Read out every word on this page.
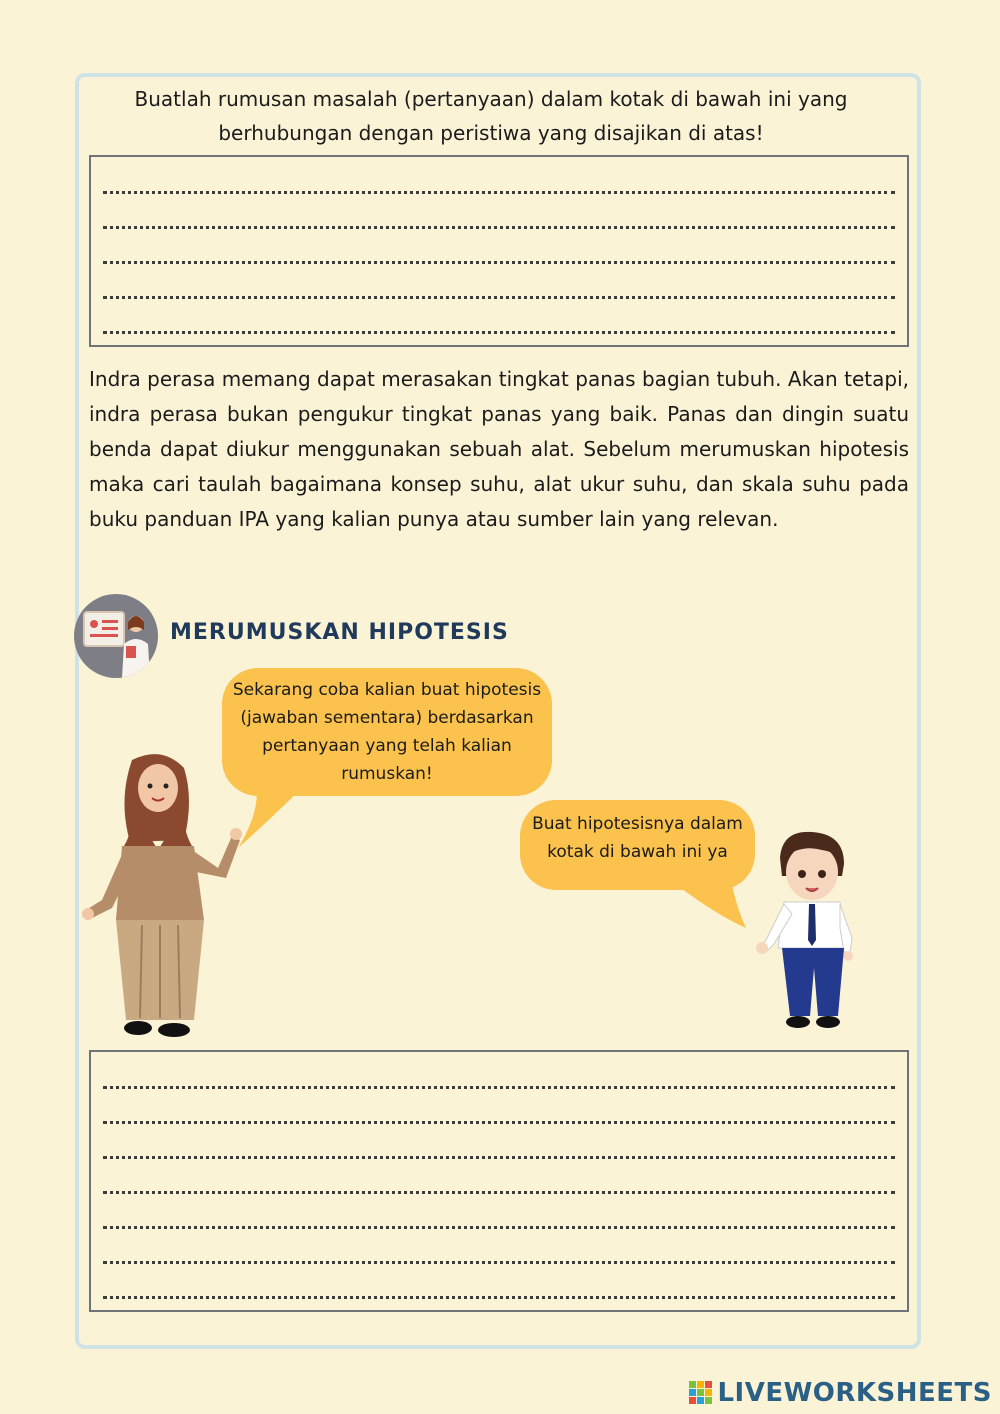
Buatlah rumusan masalah (pertanyaan) dalam kotak di bawah ini yang
berhubungan dengan peristiwa yang disajikan di atas!
Indra perasa memang dapat merasakan tingkat panas bagian tubuh. Akan tetapi, indra perasa bukan pengukur tingkat panas yang baik. Panas dan dingin suatu benda dapat diukur menggunakan sebuah alat. Sebelum merumuskan hipotesis maka cari taulah bagaimana konsep suhu, alat ukur suhu, dan skala suhu pada buku panduan IPA yang kalian punya atau sumber lain yang relevan.
MERUMUSKAN HIPOTESIS
Sekarang coba kalian buat hipotesis (jawaban sementara) berdasarkan pertanyaan yang telah kalian rumuskan!
Buat hipotesisnya dalam kotak di bawah ini ya
LIVEWORKSHEETS
